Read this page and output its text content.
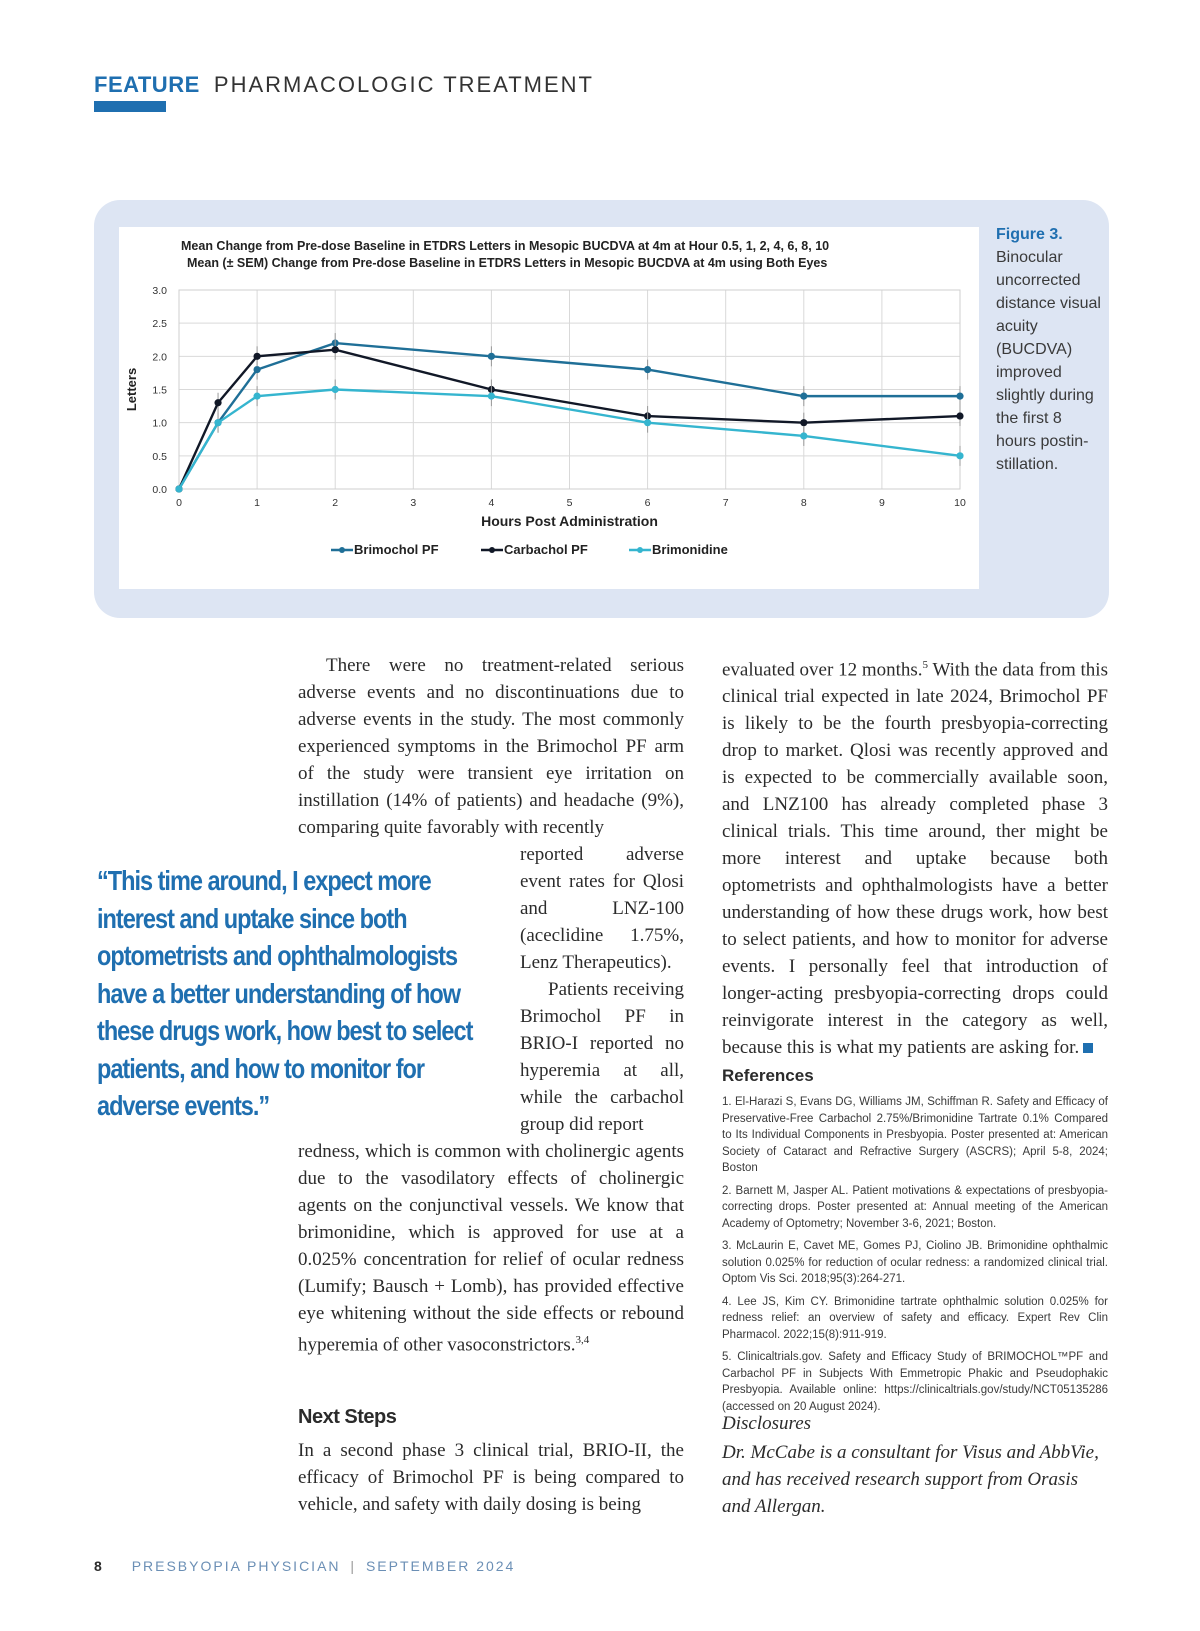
FEATURE PHARMACOLOGIC TREATMENT
Mean Change from Pre-dose Baseline in ETDRS Letters in Mesopic BUCDVA at 4m at Hour 0.5, 1, 2, 4, 6, 8, 10
Mean (± SEM) Change from Pre-dose Baseline in ETDRS Letters in Mesopic BUCDVA at 4m using Both Eyes
0.0
0.5
1.0
1.5
2.0
2.5
3.0
0	1	2	3	4	5	6	7	8	9	10
Hours Post Administration
Letters
Brimochol PF	Carbachol PF	Brimonidine
Figure 3.
Binocular uncorrected distance visual acuity (BUCDVA) improved slightly during the first 8 hours postin-stillation.

There were no treatment-related serious adverse events and no discontinuations due to adverse events in the study. The most commonly experienced symptoms in the Brimochol PF arm of the study were transient eye irritation on instillation (14% of patients) and headache (9%), comparing quite favorably with recently

reported adverse event rates for Qlosi and LNZ-100 (aceclidine 1.75%, Lenz Therapeutics).

Patients receiving Brimochol PF in BRIO-I reported no hyperemia at all, while the carbachol group did report

redness, which is common with cholinergic agents due to the vasodilatory effects of cholinergic agents on the conjunctival vessels. We know that brimonidine, which is approved for use at a 0.025% concentration for relief of ocular redness (Lumify; Bausch + Lomb), has provided effective eye whitening without the side effects or rebound hyperemia of other vasoconstrictors.$^{3,4}$

“This time around, I expect more interest and uptake since both optometrists and ophthalmologists have a better understanding of how these drugs work, how best to select patients, and how to monitor for adverse events.”
Next Steps

In a second phase 3 clinical trial, BRIO-II, the efficacy of Brimochol PF is being compared to vehicle, and safety with daily dosing is being

evaluated over 12 months.$^5$ With the data from this clinical trial expected in late 2024, Brimochol PF is likely to be the fourth presbyopia-correcting drop to market. Qlosi was recently approved and is expected to be commercially available soon, and LNZ100 has already completed phase 3 clinical trials. This time around, ther might be more interest and uptake because both optometrists and ophthalmologists have a better understanding of how these drugs work, how best to select patients, and how to monitor for adverse events. I personally feel that introduction of longer-acting presbyopia-correcting drops could reinvigorate interest in the category as well, because this is what my patients are asking for.

References
1. El-Harazi S, Evans DG, Williams JM, Schiffman R. Safety and Efficacy of Preservative-Free Carbachol 2.75%/Brimonidine Tartrate 0.1% Compared to Its Individual Components in Presbyopia. Poster presented at: American Society of Cataract and Refractive Surgery (ASCRS); April 5-8, 2024; Boston
2. Barnett M, Jasper AL. Patient motivations & expectations of presbyopia-correcting drops. Poster presented at: Annual meeting of the American Academy of Optometry; November 3-6, 2021; Boston.
3. McLaurin E, Cavet ME, Gomes PJ, Ciolino JB. Brimonidine ophthalmic solution 0.025% for reduction of ocular redness: a randomized clinical trial. Optom Vis Sci. 2018;95(3):264-271.
4. Lee JS, Kim CY. Brimonidine tartrate ophthalmic solution 0.025% for redness relief: an overview of safety and efficacy. Expert Rev Clin Pharmacol. 2022;15(8):911-919.
5. Clinicaltrials.gov. Safety and Efficacy Study of BRIMOCHOL™PF and Carbachol PF in Subjects With Emmetropic Phakic and Pseudophakic Presbyopia. Available online: https://clinicaltrials.gov/study/NCT05135286 (accessed on 20 August 2024).
Disclosures
Dr. McCabe is a consultant for Visus and AbbVie, and has received research support from Orasis and Allergan.
8 PRESBYOPIA PHYSICIAN | SEPTEMBER 2024
